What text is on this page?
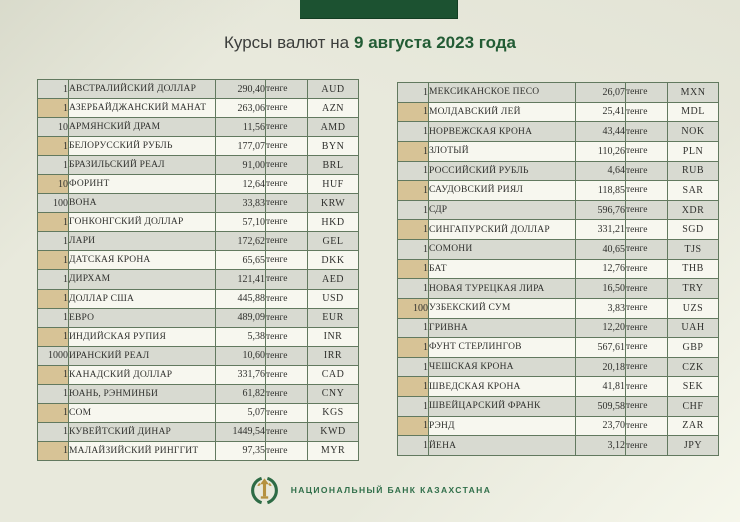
Курсы валют на 9 августа 2023 года
1	АВСТРАЛИЙСКИЙ ДОЛЛАР	290,40	тенге	AUD
1	АЗЕРБАЙДЖАНСКИЙ МАНАТ	263,06	тенге	AZN
10	АРМЯНСКИЙ ДРАМ	11,56	тенге	AMD
1	БЕЛОРУССКИЙ РУБЛЬ	177,07	тенге	BYN
1	БРАЗИЛЬСКИЙ РЕАЛ	91,00	тенге	BRL
10	ФОРИНТ	12,64	тенге	HUF
100	ВОНА	33,83	тенге	KRW
1	ГОНКОНГСКИЙ ДОЛЛАР	57,10	тенге	HKD
1	ЛАРИ	172,62	тенге	GEL
1	ДАТСКАЯ КРОНА	65,65	тенге	DKK
1	ДИРХАМ	121,41	тенге	AED
1	ДОЛЛАР США	445,88	тенге	USD
1	ЕВРО	489,09	тенге	EUR
1	ИНДИЙСКАЯ РУПИЯ	5,38	тенге	INR
1000	ИРАНСКИЙ РЕАЛ	10,60	тенге	IRR
1	КАНАДСКИЙ ДОЛЛАР	331,76	тенге	CAD
1	ЮАНЬ, РЭНМИНБИ	61,82	тенге	CNY
1	СОМ	5,07	тенге	KGS
1	КУВЕЙТСКИЙ ДИНАР	1449,54	тенге	KWD
1	МАЛАЙЗИЙСКИЙ РИНГГИТ	97,35	тенге	MYR
1	МЕКСИКАНСКОЕ ПЕСО	26,07	тенге	MXN
1	МОЛДАВСКИЙ ЛЕЙ	25,41	тенге	MDL
1	НОРВЕЖСКАЯ КРОНА	43,44	тенге	NOK
1	ЗЛОТЫЙ	110,26	тенге	PLN
1	РОССИЙСКИЙ РУБЛЬ	4,64	тенге	RUB
1	САУДОВСКИЙ РИЯЛ	118,85	тенге	SAR
1	СДР	596,76	тенге	XDR
1	СИНГАПУРСКИЙ ДОЛЛАР	331,21	тенге	SGD
1	СОМОНИ	40,65	тенге	TJS
1	БАТ	12,76	тенге	THB
1	НОВАЯ ТУРЕЦКАЯ ЛИРА	16,50	тенге	TRY
100	УЗБЕКСКИЙ СУМ	3,83	тенге	UZS
1	ГРИВНА	12,20	тенге	UAH
1	ФУНТ СТЕРЛИНГОВ	567,61	тенге	GBP
1	ЧЕШСКАЯ КРОНА	20,18	тенге	CZK
1	ШВЕДСКАЯ КРОНА	41,81	тенге	SEK
1	ШВЕЙЦАРСКИЙ ФРАНК	509,58	тенге	CHF
1	РЭНД	23,70	тенге	ZAR
1	ЙЕНА	3,12	тенге	JPY
НАЦИОНАЛЬНЫЙ БАНК КАЗАХСТАНА
